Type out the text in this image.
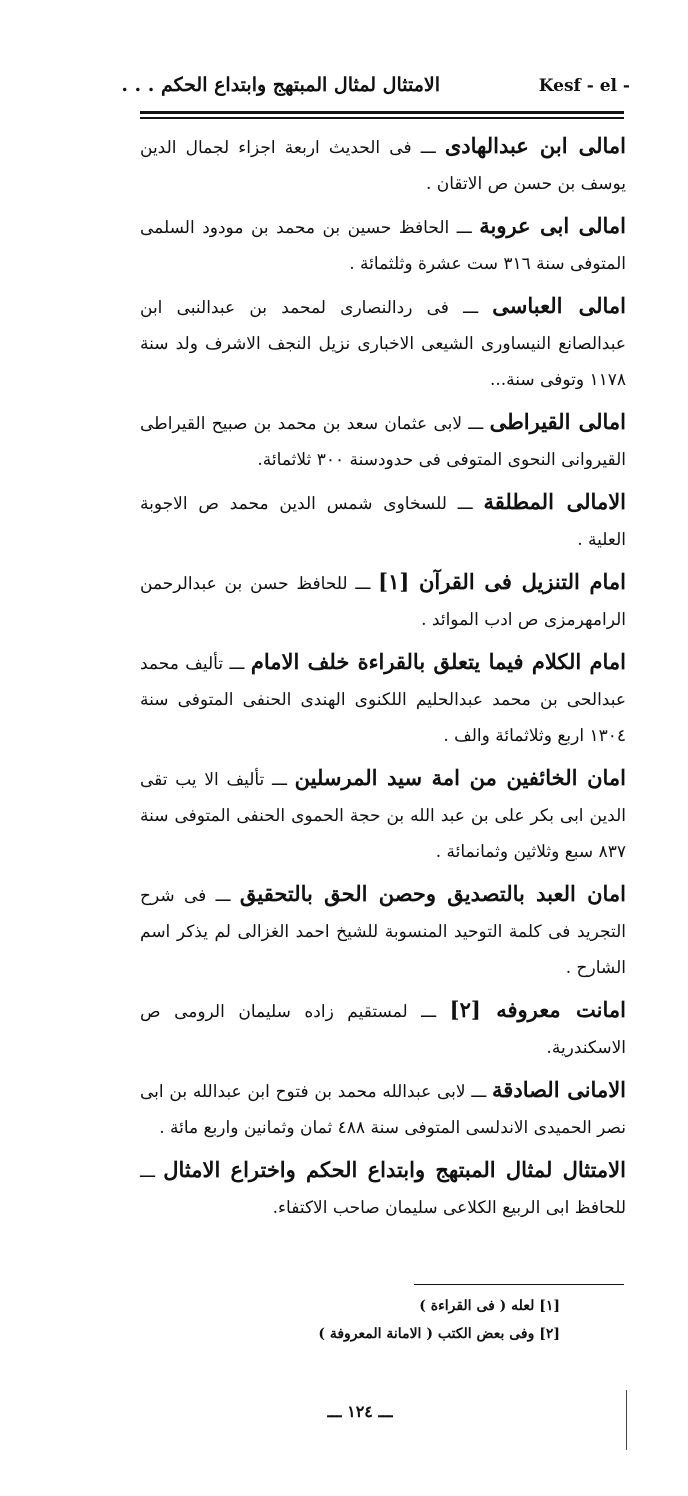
الامتثال لمثال المبتهج وابتداع الحكم . . .	Kesf - el -

امالى ابن عبدالهادى ـــ فى الحديث اربعة اجزاء لجمال الدين يوسف بن حسن ص الاتقان .

امالى ابى عروبة ـــ الحافظ حسين بن محمد بن مودود السلمى المتوفى سنة ٣١٦ ست عشرة وثلثمائة .

امالى العباسى ـــ فى ردالنصارى لمحمد بن عبدالنبى ابن عبدالصانع النيساورى الشيعى الاخبارى نزيل النجف الاشرف ولد سنة ١١٧٨ وتوفى سنة...

امالى القيراطى ـــ لابى عثمان سعد بن محمد بن صبيح القيراطى القيروانى النحوى المتوفى فى حدودسنة ٣٠٠ ثلاثمائة.

الامالى المطلقة ـــ للسخاوى شمس الدين محمد ص الاجوبة العلية .

امام التنزيل فى القرآن [١] ـــ للحافظ حسن بن عبدالرحمن الرامهرمزى ص ادب الموائد .

امام الكلام فيما يتعلق بالقراءة خلف الامام ـــ تأليف محمد عبدالحى بن محمد عبدالحليم اللكنوى الهندى الحنفى المتوفى سنة ١٣٠٤ اربع وثلاثمائة والف .

امان الخائفين من امة سيد المرسلين ـــ تأليف الا يب تقى الدين ابى بكر على بن عبد الله بن حجة الحموى الحنفى المتوفى سنة ٨٣٧ سبع وثلاثين وثمانمائة .

امان العبد بالتصديق وحصن الحق بالتحقيق ـــ فى شرح التجريد فى كلمة التوحيد المنسوبة للشيخ احمد الغزالى لم يذكر اسم الشارح .

امانت معروفه [٢] ـــ لمستقيم زاده سليمان الرومى ص الاسكندرية.

الامانى الصادقة ـــ لابى عبدالله محمد بن فتوح ابن عبدالله بن ابى نصر الحميدى الاندلسى المتوفى سنة ٤٨٨ ثمان وثمانين واربع مائة .

الامتثال لمثال المبتهج وابتداع الحكم واختراع الامثال ـــ للحافظ ابى الربيع الكلاعى سليمان صاحب الاكتفاء.

[١] لعله ( فى القراءة )
[٢] وفى بعض الكتب ( الامانة المعروفة )
ـــ ١٢٤ ـــ
